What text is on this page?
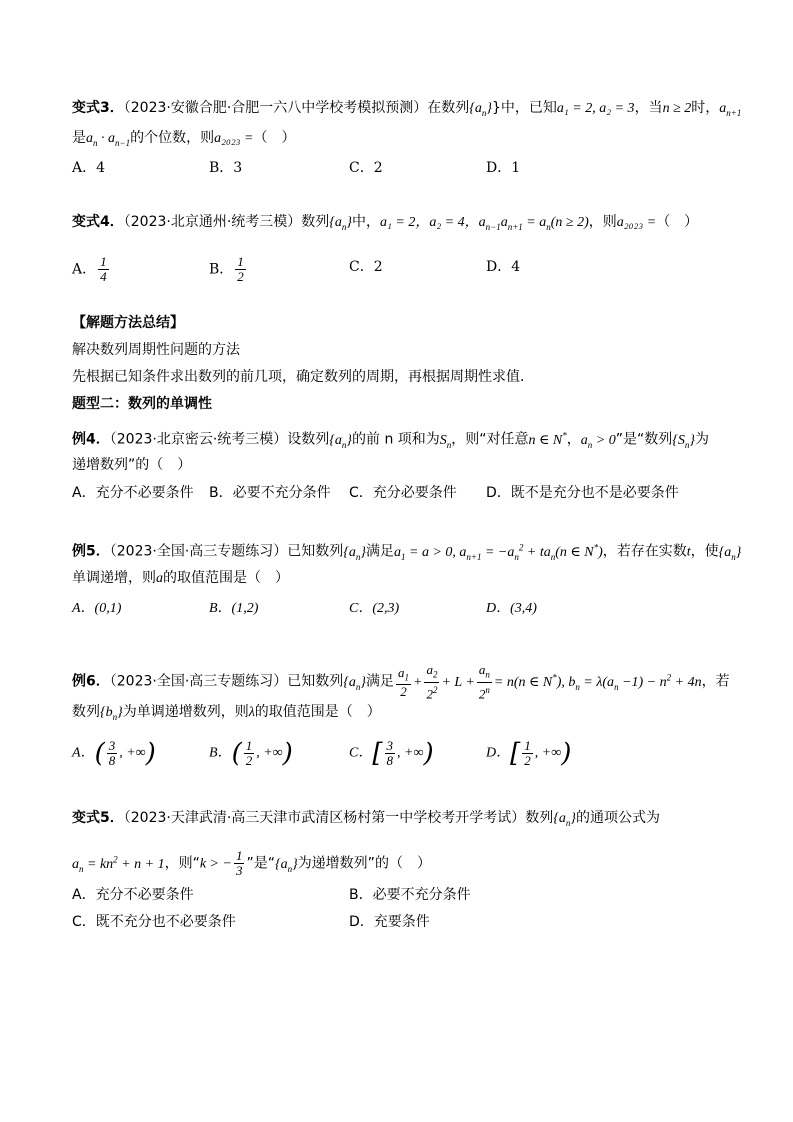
变式3．（2023·安徽合肥·合肥一六八中学校考模拟预测）在数列$\{a_n\}$}中，已知a₁ = 2, a₂ = 3，当n ≥ 2时，$a_{n+1}$
是$a_n \cdot a_{n-1}$的个位数，则a₂₀₂₃ =（　）
A．4	B．3	C．2	D．1
变式4．（2023·北京通州·统考三模）数列$\{a_n\}$中，a₁ = 2，a₂ = 4，$a_{n-1}a_{n+1} = a_n(n \ge 2)$，则a₂₀₂₃ =（　）
A． $\frac{1}{4}$	B． $\frac{1}{2}$	C．2	D．4
【解题方法总结】
解决数列周期性问题的方法
先根据已知条件求出数列的前几项，确定数列的周期，再根据周期性求值．
题型二：数列的单调性
例4．（2023·北京密云·统考三模）设数列$\{a_n\}$的前 n 项和为$S_n$，则“对任意n ∈ N*，$a_n > 0$”是“数列$\{S_n\}$为
递增数列”的（　）
A．充分不必要条件 B．必要不充分条件 C．充分必要条件 D．既不是充分也不是必要条件
例5．（2023·全国·高三专题练习）已知数列$\{a_n\}$满足$a_1 = a > 0$, $a_{n+1} = -a_n^2 + ta_n(n$ ∈ N*)，若存在实数t，使$\{a_n\}$
单调递增，则a的取值范围是（　）
A．(0,1)	B．(1,2)	C．(2,3)	D．(3,4)
例6．（2023·全国·高三专题练习）已知数列$\{a_n\}$满足 $\frac{a_1}{2} + \frac{a_2}{2^2} + L + \frac{a_n}{2^n} = n(n$ ∈ N*), $b_n = \lambda(a_n -1) - n^2 + 4n$，若
数列$\{b_n\}$为单调递增数列，则λ的取值范围是（　）
A．( $\frac{3}{8}$ , +∞)	B．( $\frac{1}{2}$ , +∞)	C．[ $\frac{3}{8}$ , +∞)	D．[ $\frac{1}{2}$ , +∞)
变式5．（2023·天津武清·高三天津市武清区杨村第一中学校考开学考试）数列$\{a_n\}$的通项公式为
$a_n = kn^2 + n + 1$，则“k > − $\frac{1}{3}$ ”是“$\{a_n\}$为递增数列”的（　）
A．充分不必要条件	B．必要不充分条件
C．既不充分也不必要条件	D．充要条件
